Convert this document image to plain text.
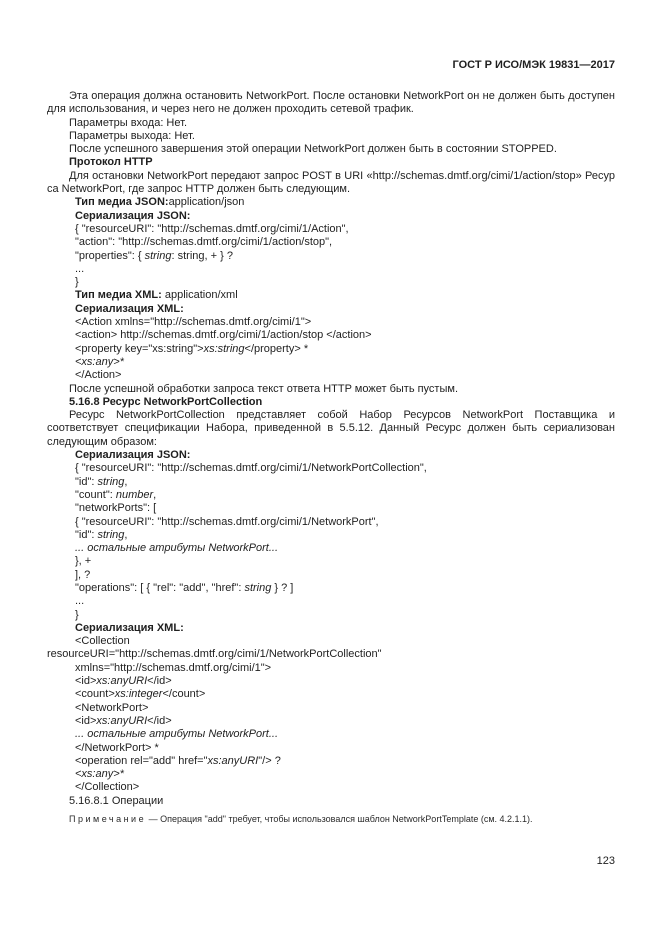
ГОСТ Р ИСО/МЭК 19831—2017

Эта операция должна остановить NetworkPort. После остановки NetworkPort он не должен быть доступен для использования, и через него не должен проходить сетевой трафик.

Параметры входа: Нет.
Параметры выхода: Нет.
После успешного завершения этой операции NetworkPort должен быть в состоянии STOPPED.
Протокол HTTP

Для остановки NetworkPort передают запрос POST в URI «http://schemas.dmtf.org/cimi/1/action/stop» Ресурса NetworkPort, где запрос HTTP должен быть следующим.

Тип медиа JSON:application/json
Сериализация JSON:
{ "resourceURI": "http://schemas.dmtf.org/cimi/1/Action",
"action": "http://schemas.dmtf.org/cimi/1/action/stop",
"properties": { string: string, + } ?
...
}
Тип медиа XML: application/xml
Сериализация XML:
<Action xmlns="http://schemas.dmtf.org/cimi/1">
<action> http://schemas.dmtf.org/cimi/1/action/stop </action>
<property key="xs:string">xs:string</property> *
<xs:any>*
</Action>
После успешной обработки запроса текст ответа HTTP может быть пустым.
5.16.8 Ресурс NetworkPortCollection

Ресурс NetworkPortCollection представляет собой Набор Ресурсов NetworkPort Поставщика и соответствует спецификации Набора, приведенной в 5.5.12. Данный Ресурс должен быть сериализован следующим образом:

Сериализация JSON:
{ "resourceURI": "http://schemas.dmtf.org/cimi/1/NetworkPortCollection",
"id": string,
"count": number,
"networkPorts": [
{ "resourceURI": "http://schemas.dmtf.org/cimi/1/NetworkPort",
"id": string,
... остальные атрибуты NetworkPort...
}, +
], ?
"operations": [ { "rel": "add", "href": string } ? ]
...
}
Сериализация XML:
<Collection
resourceURI="http://schemas.dmtf.org/cimi/1/NetworkPortCollection"
xmlns="http://schemas.dmtf.org/cimi/1">
<id>xs:anyURI</id>
<count>xs:integer</count>
<NetworkPort>
<id>xs:anyURI</id>
... остальные атрибуты NetworkPort...
</NetworkPort> *
<operation rel="add" href="xs:anyURI"/> ?
<xs:any>*
</Collection>
5.16.8.1 Операции
Примечание — Операция "add" требует, чтобы использовался шаблон NetworkPortTemplate (см. 4.2.1.1).
123
